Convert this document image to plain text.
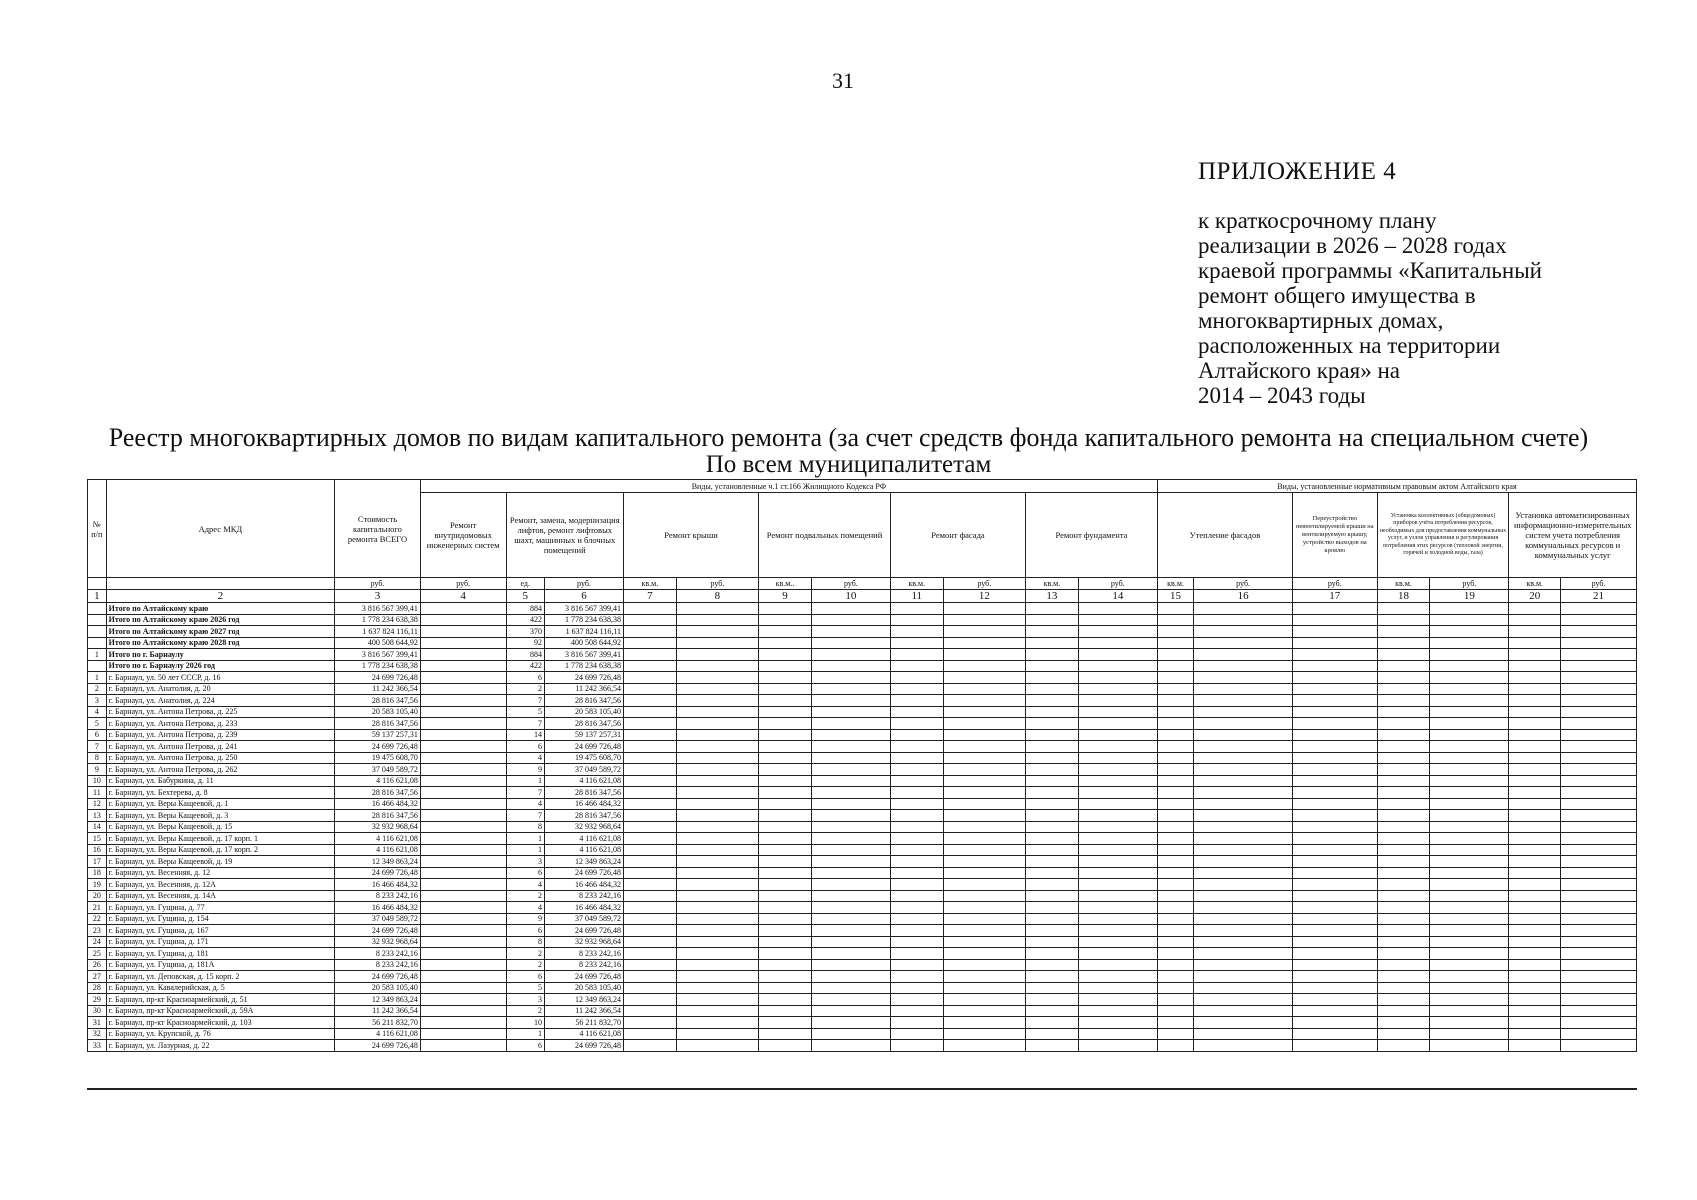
31
ПРИЛОЖЕНИЕ 4
к краткосрочному плану
реализации в 2026 – 2028 годах
краевой программы «Капитальный
ремонт общего имущества в
многоквартирных домах,
расположенных на территории
Алтайского края» на
2014 – 2043 годы
Реестр многоквартирных домов по видам капитального ремонта (за счет средств фонда капитального ремонта на специальном счете)
По всем муниципалитетам
№ п/п	Адрес МКД	Стоимость капитального ремонта ВСЕГО	Виды, установленные ч.1 ст.166 Жилищного Кодекса РФ											Виды, установленные нормативным правовым актом Алтайского края						
			Ремонт внутридомовых инженерных систем	Ремонт, замена, модернизация лифтов, ремонт лифтовых шахт, машинных и блочных помещений		Ремонт крыши		Ремонт подвальных помещений		Ремонт фасада		Ремонт фундамента		Утепление фасадов		Переустройство невентилируемой крыши на вентилируемую крышу, устройство выходов на кровлю	Установка коллективных (общедомовых) приборов учёта потребления ресурсов, необходимых для предоставления коммунальных услуг, и узлов управления и регулирования потребления этих ресурсов (тепловой энергии, горячей и холодной воды, газа)		Установка автоматизированных информационно-измерительных систем учета потребления коммунальных ресурсов и коммунальных услуг	
		руб.	руб.	ед.	руб.	кв.м.	руб.	кв.м..	руб.	кв.м.	руб.	кв.м.	руб.	кв.м.	руб.	руб.	кв.м.	руб.	кв.м.	руб.
1	2	3	4	5	6	7	8	9	10	11	12	13	14	15	16	17	18	19	20	21
	Итого по Алтайскому краю	3 816 567 399,41		884	3 816 567 399,41															
	Итого по Алтайскому краю 2026 год	1 778 234 638,38		422	1 778 234 638,38															
	Итого по Алтайскому краю 2027 год	1 637 824 116,11		370	1 637 824 116,11															
	Итого по Алтайскому краю 2028 год	400 508 644,92		92	400 508 644,92															
1	Итого по г. Барнаулу	3 816 567 399,41		884	3 816 567 399,41															
	Итого по г. Барнаулу 2026 год	1 778 234 638,38		422	1 778 234 638,38															
1	г. Барнаул, ул. 50 лет СССР, д. 16	24 699 726,48		6	24 699 726,48															
2	г. Барнаул, ул. Анатолия, д. 20	11 242 366,54		2	11 242 366,54															
3	г. Барнаул, ул. Анатолия, д. 224	28 816 347,56		7	28 816 347,56															
4	г. Барнаул, ул. Антона Петрова, д. 225	20 583 105,40		5	20 583 105,40															
5	г. Барнаул, ул. Антона Петрова, д. 233	28 816 347,56		7	28 816 347,56															
6	г. Барнаул, ул. Антона Петрова, д. 239	59 137 257,31		14	59 137 257,31															
7	г. Барнаул, ул. Антона Петрова, д. 241	24 699 726,48		6	24 699 726,48															
8	г. Барнаул, ул. Антона Петрова, д. 250	19 475 608,70		4	19 475 608,70															
9	г. Барнаул, ул. Антона Петрова, д. 262	37 049 589,72		9	37 049 589,72															
10	г. Барнаул, ул. Бабуркина, д. 11	4 116 621,08		1	4 116 621,08															
11	г. Барнаул, ул. Бехтерева, д. 8	28 816 347,56		7	28 816 347,56															
12	г. Барнаул, ул. Веры Кащеевой, д. 1	16 466 484,32		4	16 466 484,32															
13	г. Барнаул, ул. Веры Кащеевой, д. 3	28 816 347,56		7	28 816 347,56															
14	г. Барнаул, ул. Веры Кащеевой, д. 15	32 932 968,64		8	32 932 968,64															
15	г. Барнаул, ул. Веры Кащеевой, д. 17 корп. 1	4 116 621,08		1	4 116 621,08															
16	г. Барнаул, ул. Веры Кащеевой, д. 17 корп. 2	4 116 621,08		1	4 116 621,08															
17	г. Барнаул, ул. Веры Кащеевой, д. 19	12 349 863,24		3	12 349 863,24															
18	г. Барнаул, ул. Весенняя, д. 12	24 699 726,48		6	24 699 726,48															
19	г. Барнаул, ул. Весенняя, д. 12А	16 466 484,32		4	16 466 484,32															
20	г. Барнаул, ул. Весенняя, д. 14А	8 233 242,16		2	8 233 242,16															
21	г. Барнаул, ул. Гущина, д. 77	16 466 484,32		4	16 466 484,32															
22	г. Барнаул, ул. Гущина, д. 154	37 049 589,72		9	37 049 589,72															
23	г. Барнаул, ул. Гущина, д. 167	24 699 726,48		6	24 699 726,48															
24	г. Барнаул, ул. Гущина, д. 171	32 932 968,64		8	32 932 968,64															
25	г. Барнаул, ул. Гущина, д. 181	8 233 242,16		2	8 233 242,16															
26	г. Барнаул, ул. Гущина, д. 181А	8 233 242,16		2	8 233 242,16															
27	г. Барнаул, ул. Деповская, д. 15 корп. 2	24 699 726,48		6	24 699 726,48															
28	г. Барнаул, ул. Кавалерийская, д. 5	20 583 105,40		5	20 583 105,40															
29	г. Барнаул, пр-кт Красноармейский, д. 51	12 349 863,24		3	12 349 863,24															
30	г. Барнаул, пр-кт Красноармейский, д. 59А	11 242 366,54		2	11 242 366,54															
31	г. Барнаул, пр-кт Красноармейский, д. 103	56 211 832,70		10	56 211 832,70															
32	г. Барнаул, ул. Крупской, д. 76	4 116 621,08		1	4 116 621,08															
33	г. Барнаул, ул. Лазурная, д. 22	24 699 726,48		6	24 699 726,48															
